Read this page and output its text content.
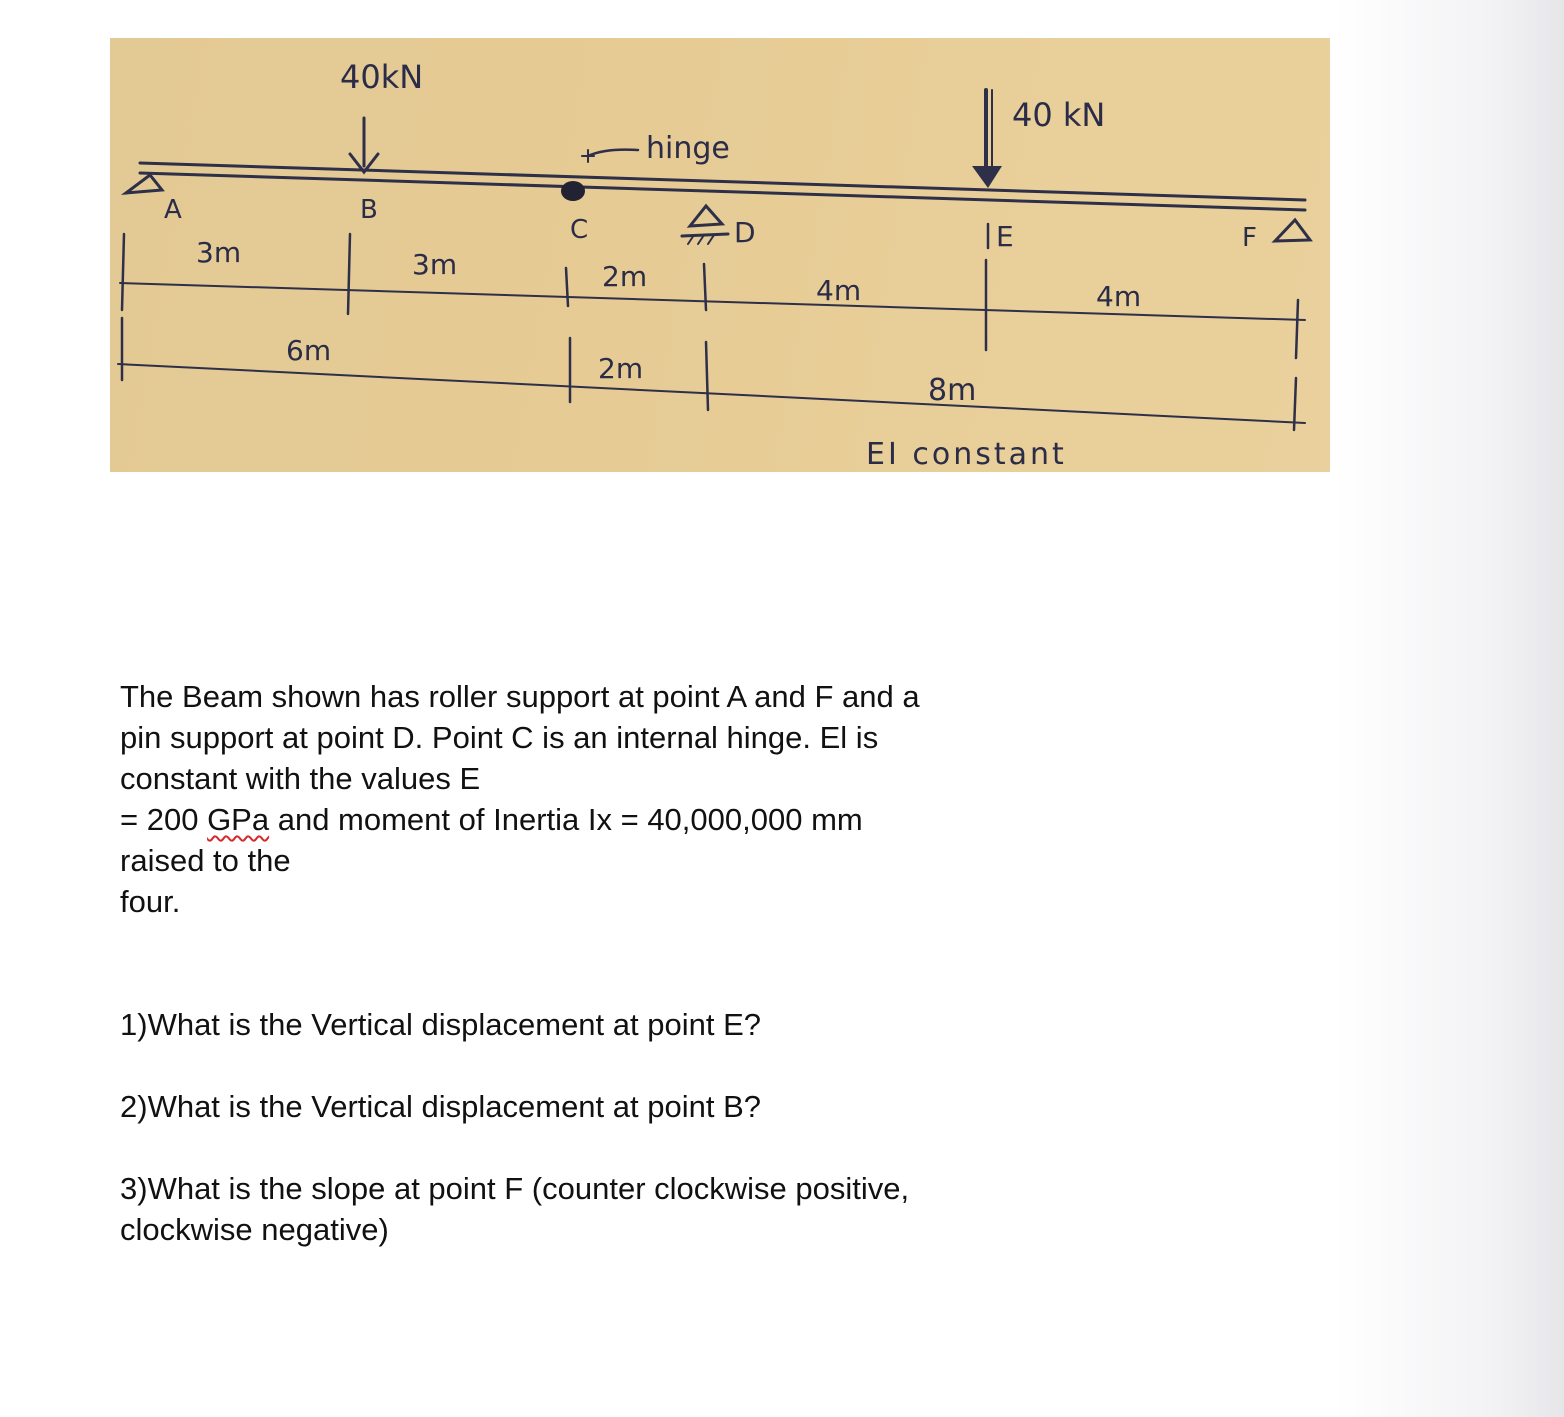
A
F
D
hinge
C
40kN
B
40 kN
E
3m	3m	2m	4m	4m
6m
2m
8m
EI constant

The Beam shown has roller support at point A and F and a

pin support at point D. Point C is an internal hinge. El is

constant with the values E

= 200 GPa and moment of Inertia Ix = 40,000,000 mm

raised to the

four.

1)What is the Vertical displacement at point E?

2)What is the Vertical displacement at point B?

3)What is the slope at point F (counter clockwise positive,

clockwise negative)
